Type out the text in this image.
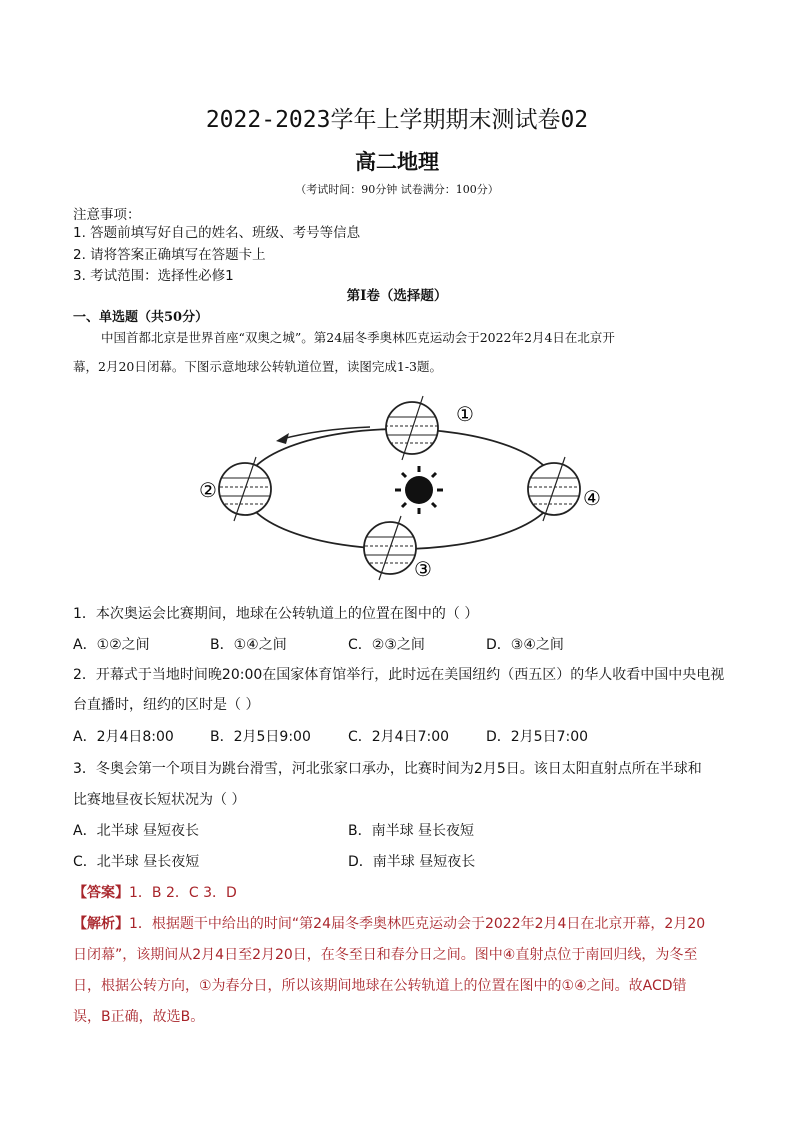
2022-2023学年上学期期末测试卷02
高二地理
（考试时间：90分钟 试卷满分：100分）
注意事项：
1. 答题前填写好自己的姓名、班级、考号等信息
2. 请将答案正确填写在答题卡上
3. 考试范围：选择性必修1
第I卷（选择题）
一、单选题（共50分）
中国首都北京是世界首座“双奥之城”。第24届冬季奥林匹克运动会于2022年2月4日在北京开
幕，2月20日闭幕。下图示意地球公转轨道位置，读图完成1-3题。
①
②
③
④
1．本次奥运会比赛期间，地球在公转轨道上的位置在图中的（ ）
A．①②之间	B．①④之间	C．②③之间	D．③④之间
2．开幕式于当地时间晚20:00在国家体育馆举行，此时远在美国纽约（西五区）的华人收看中国中央电视
台直播时，纽约的区时是（ ）
A．2月4日8:00	B．2月5日9:00	C．2月4日7:00	D．2月5日7:00
3．冬奥会第一个项目为跳台滑雪，河北张家口承办，比赛时间为2月5日。该日太阳直射点所在半球和
比赛地昼夜长短状况为（ ）
A．北半球 昼短夜长	B．南半球 昼长夜短
C．北半球 昼长夜短	D．南半球 昼短夜长
【答案】1．B 2．C 3．D
【解析】1．根据题干中给出的时间“第24届冬季奥林匹克运动会于2022年2月4日在北京开幕，2月20
日闭幕”，该期间从2月4日至2月20日，在冬至日和春分日之间。图中④直射点位于南回归线，为冬至
日，根据公转方向，①为春分日，所以该期间地球在公转轨道上的位置在图中的①④之间。故ACD错
误，B正确，故选B。
